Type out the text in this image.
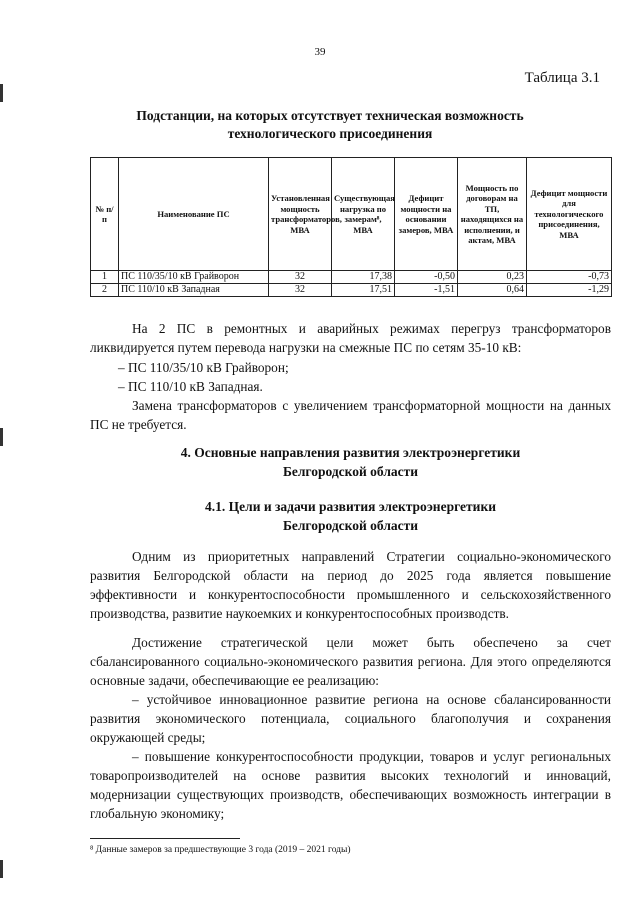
39
Таблица 3.1
Подстанции, на которых отсутствует техническая возможность
технологического присоединения
№ п/п	Наименование ПС	Установленная мощность трансформаторов, МВА	Существующая нагрузка по замерам⁸, МВА	Дефицит мощности на основании замеров, МВА	Мощность по договорам на ТП, находящихся на исполнении, и актам, МВА	Дефицит мощности для технологического присоединения, МВА
1	ПС 110/35/10 кВ Грайворон	32	17,38	-0,50	0,23	-0,73
2	ПС 110/10 кВ Западная	32	17,51	-1,51	0,64	-1,29
На 2 ПС в ремонтных и аварийных режимах перегруз трансформаторов ликвидируется путем перевода нагрузки на смежные ПС по сетям 35-10 кВ:
– ПС 110/35/10 кВ Грайворон;
– ПС 110/10 кВ Западная.
Замена трансформаторов с увеличением трансформаторной мощности на данных ПС не требуется.
4. Основные направления развития электроэнергетики
Белгородской области
4.1. Цели и задачи развития электроэнергетики
Белгородской области
Одним из приоритетных направлений Стратегии социально-экономического развития Белгородской области на период до 2025 года является повышение эффективности и конкурентоспособности промышленного и сельскохозяйственного производства, развитие наукоемких и конкурентоспособных производств.
Достижение стратегической цели может быть обеспечено за счет сбалансированного социально-экономического развития региона. Для этого определяются основные задачи, обеспечивающие ее реализацию:
– устойчивое инновационное развитие региона на основе сбалансированности развития экономического потенциала, социального благополучия и сохранения окружающей среды;
– повышение конкурентоспособности продукции, товаров и услуг региональных товаропроизводителей на основе развития высоких технологий и инноваций, модернизации существующих производств, обеспечивающих возможность интеграции в глобальную экономику;
⁸ Данные замеров за предшествующие 3 года (2019 – 2021 годы)
